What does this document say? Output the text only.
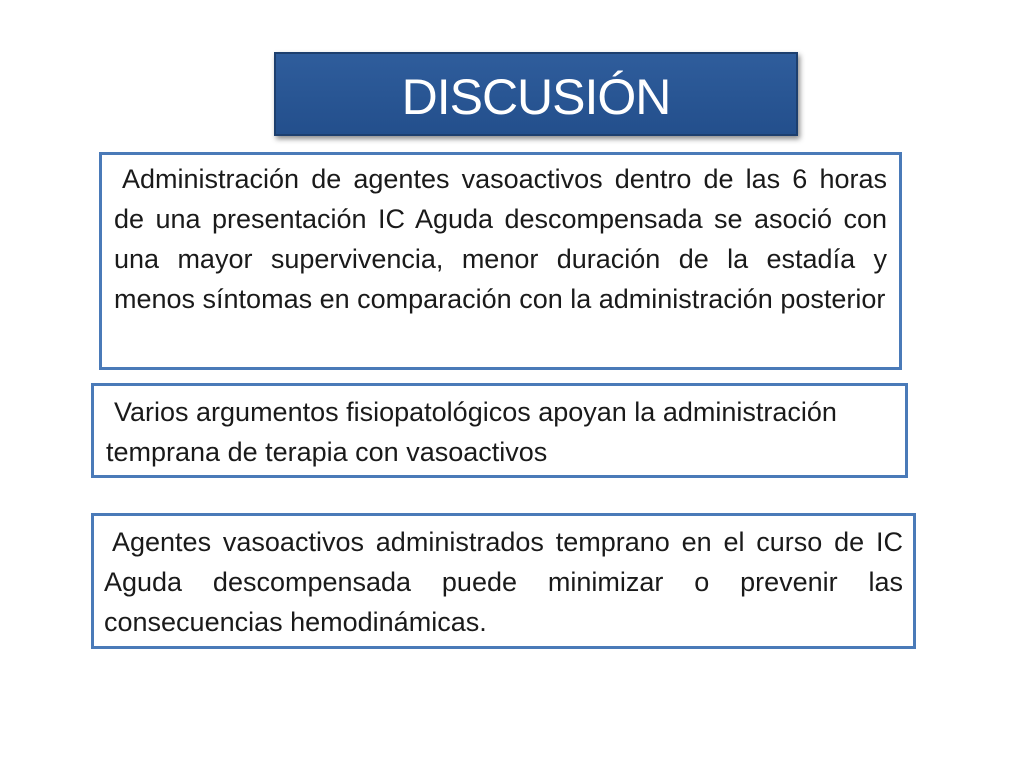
DISCUSIÓN
Administración de agentes vasoactivos dentro de las 6 horas de una presentación IC Aguda descompensada se asoció con una mayor supervivencia, menor duración de la estadía y menos síntomas en comparación con la administración posterior
Varios argumentos fisiopatológicos apoyan la administración temprana de terapia con vasoactivos
Agentes vasoactivos administrados temprano en el curso de IC Aguda descompensada puede minimizar o prevenir las consecuencias hemodinámicas.
